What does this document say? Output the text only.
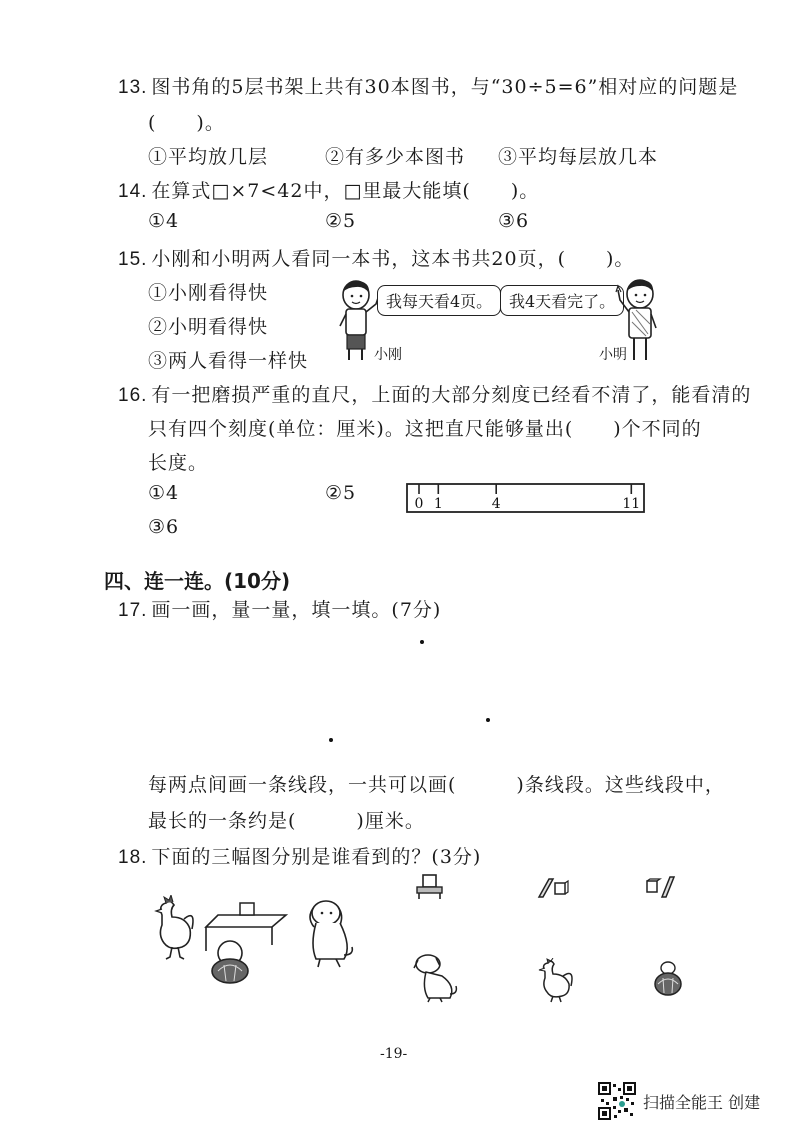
13. 图书角的5层书架上共有30本图书，与“30÷5=6”相对应的问题是
(　　)。
①平均放几层	②有多少本图书 ③平均每层放几本
14. 在算式□×7<42中，□里最大能填(　　)。
①4	②5	③6
15. 小刚和小明两人看同一本书，这本书共20页，(　　)。
①小刚看得快
②小明看得快
③两人看得一样快
我每天看4页。
小刚
我4天看完了。
小明
16. 有一把磨损严重的直尺，上面的大部分刻度已经看不清了，能看清的
只有四个刻度(单位：厘米)。这把直尺能够量出(　　)个不同的
长度。
①4	②5
③6
0 1	4	11
四、连一连。(10分)
17. 画一画，量一量，填一填。(7分)
每两点间画一条线段，一共可以画(　　　)条线段。这些线段中，
最长的一条约是(　　　)厘米。
18. 下面的三幅图分别是谁看到的？(3分)
-19-
扫描全能王 创建
